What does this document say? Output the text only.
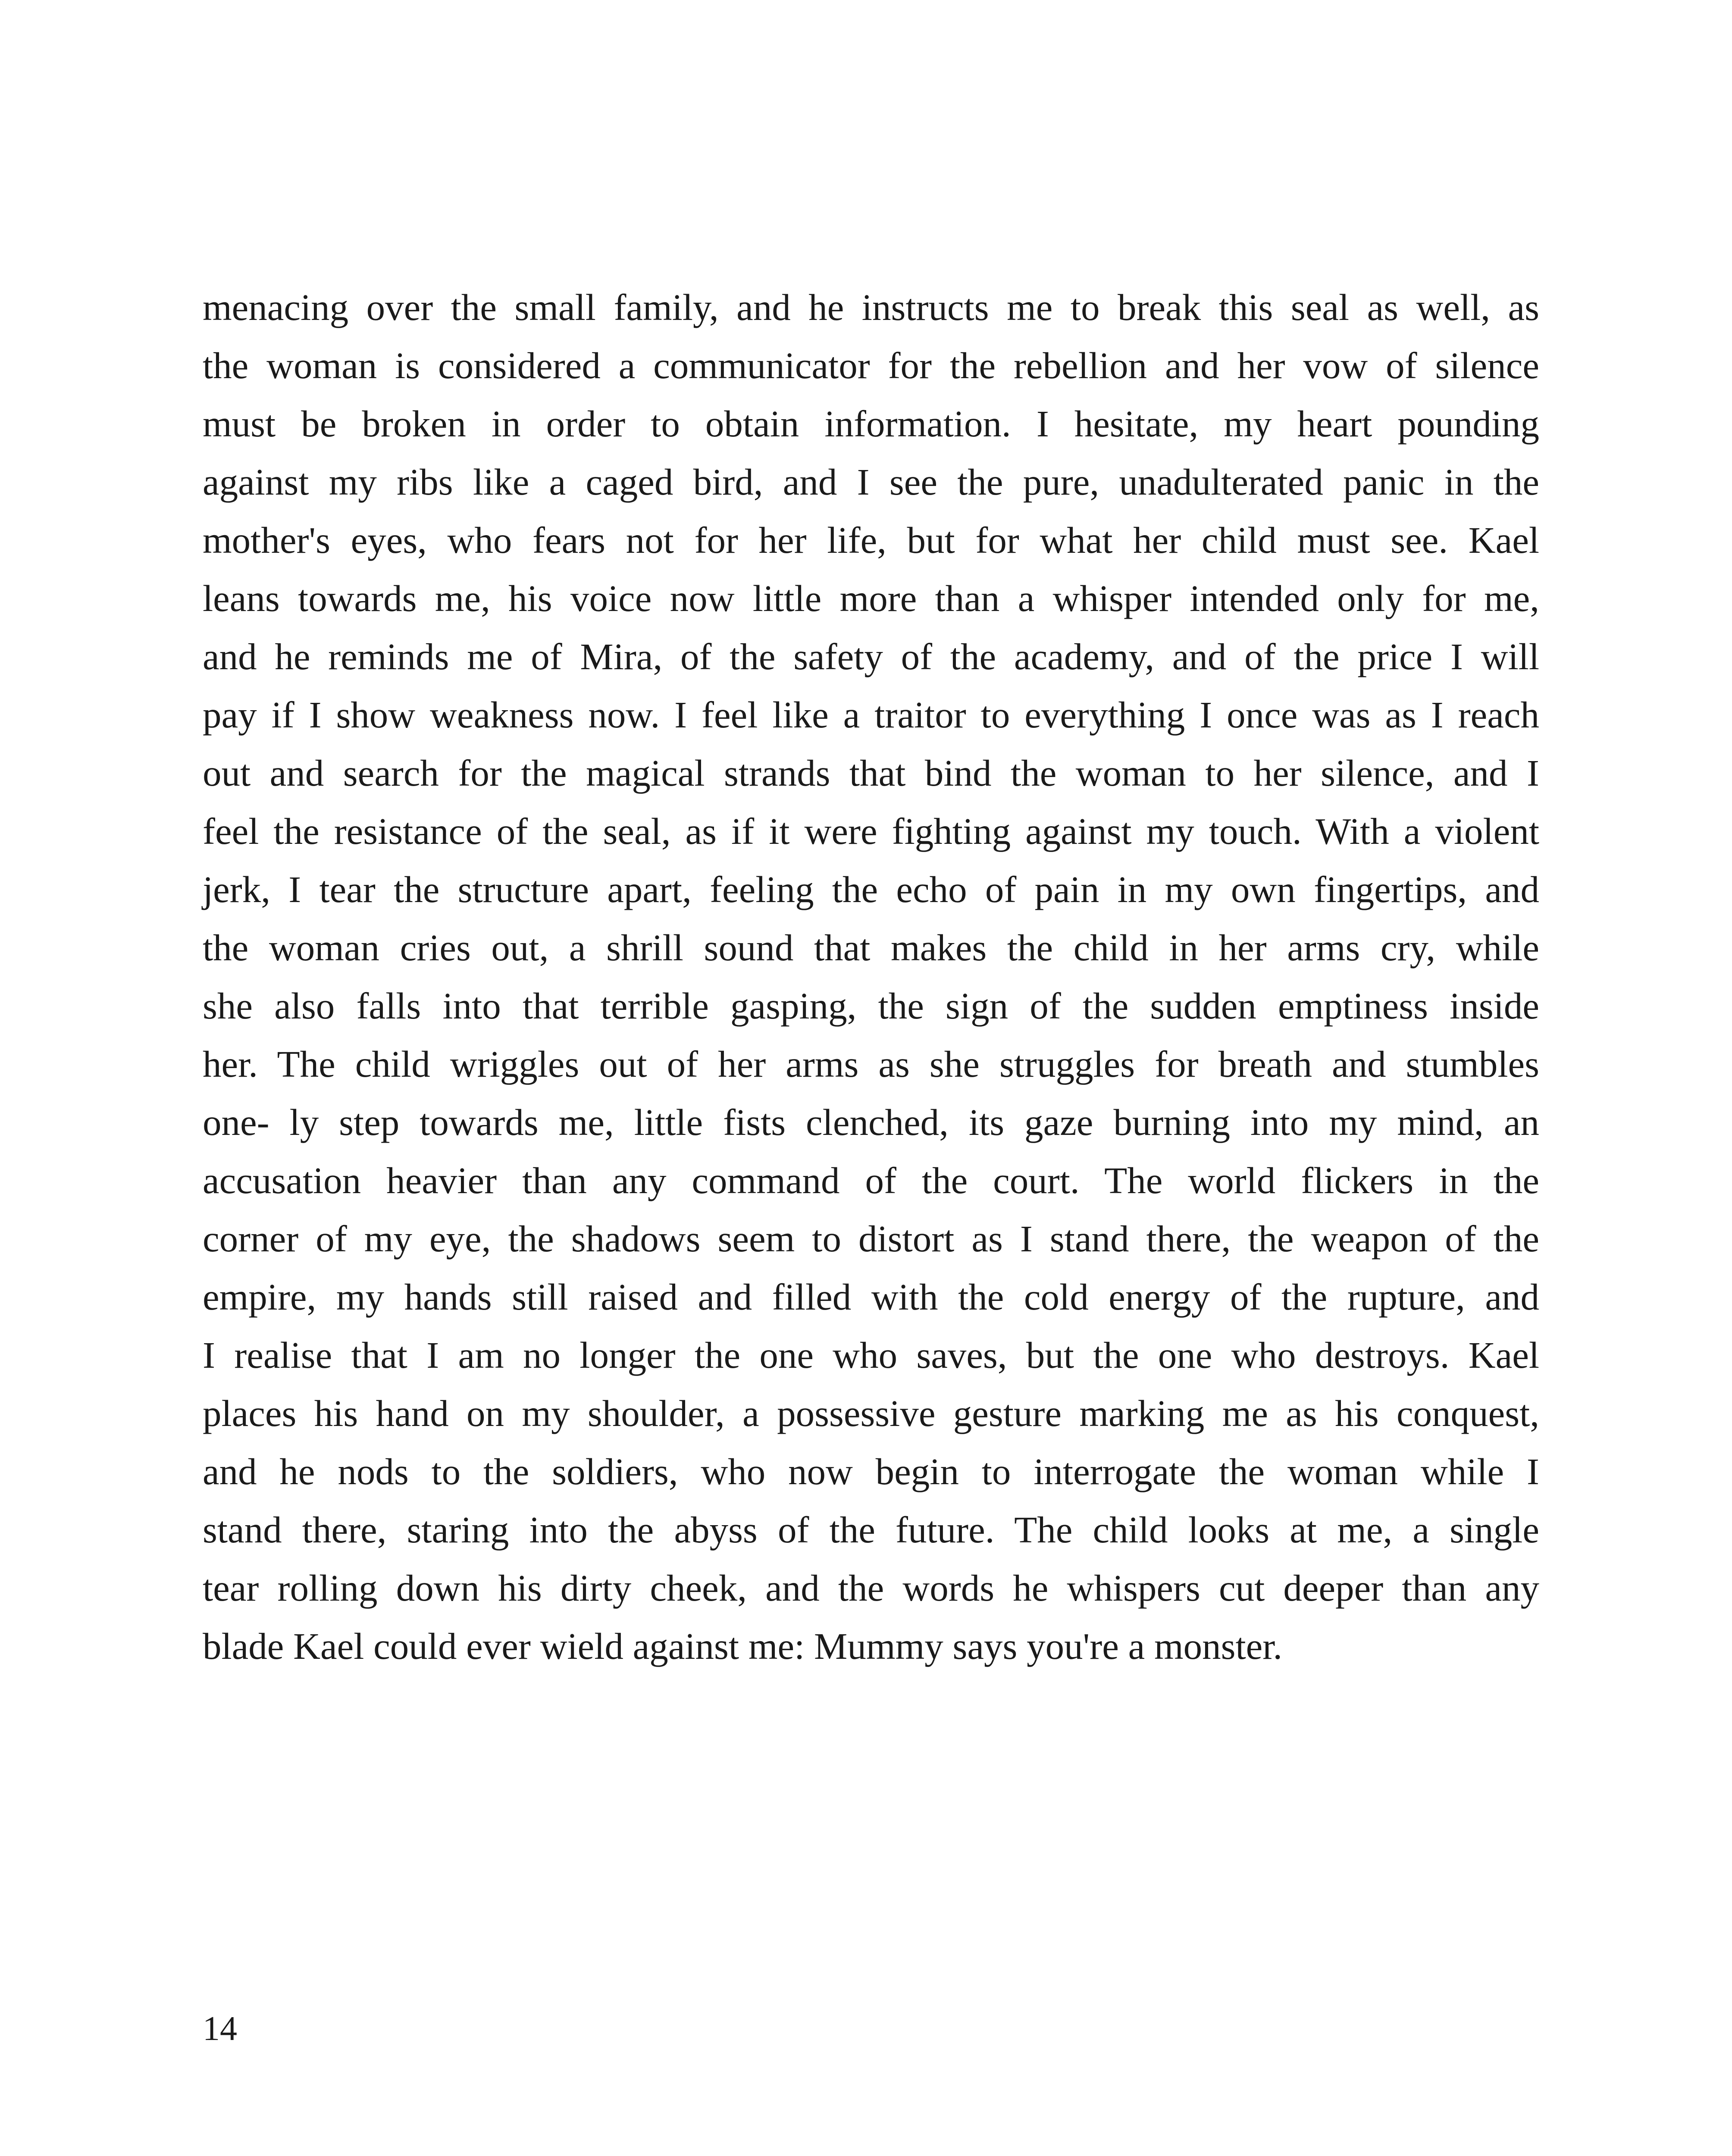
menacing over the small family, and he instructs me to break this seal as well, as
the woman is considered a communicator for the rebellion and her vow of silence
must be broken in order to obtain information. I hesitate, my heart pounding
against my ribs like a caged bird, and I see the pure, unadulterated panic in the
mother's eyes, who fears not for her life, but for what her child must see. Kael
leans towards me, his voice now little more than a whisper intended only for me,
and he reminds me of Mira, of the safety of the academy, and of the price I will
pay if I show weakness now. I feel like a traitor to everything I once was as I reach
out and search for the magical strands that bind the woman to her silence, and I
feel the resistance of the seal, as if it were fighting against my touch. With a violent
jerk, I tear the structure apart, feeling the echo of pain in my own fingertips, and
the woman cries out, a shrill sound that makes the child in her arms cry, while
she also falls into that terrible gasping, the sign of the sudden emptiness inside
her. The child wriggles out of her arms as she struggles for breath and stumbles
one- ly step towards me, little fists clenched, its gaze burning into my mind, an
accusation heavier than any command of the court. The world flickers in the
corner of my eye, the shadows seem to distort as I stand there, the weapon of the
empire, my hands still raised and filled with the cold energy of the rupture, and
I realise that I am no longer the one who saves, but the one who destroys. Kael
places his hand on my shoulder, a possessive gesture marking me as his conquest,
and he nods to the soldiers, who now begin to interrogate the woman while I
stand there, staring into the abyss of the future. The child looks at me, a single
tear rolling down his dirty cheek, and the words he whispers cut deeper than any
blade Kael could ever wield against me: Mummy says you're a monster.

14
